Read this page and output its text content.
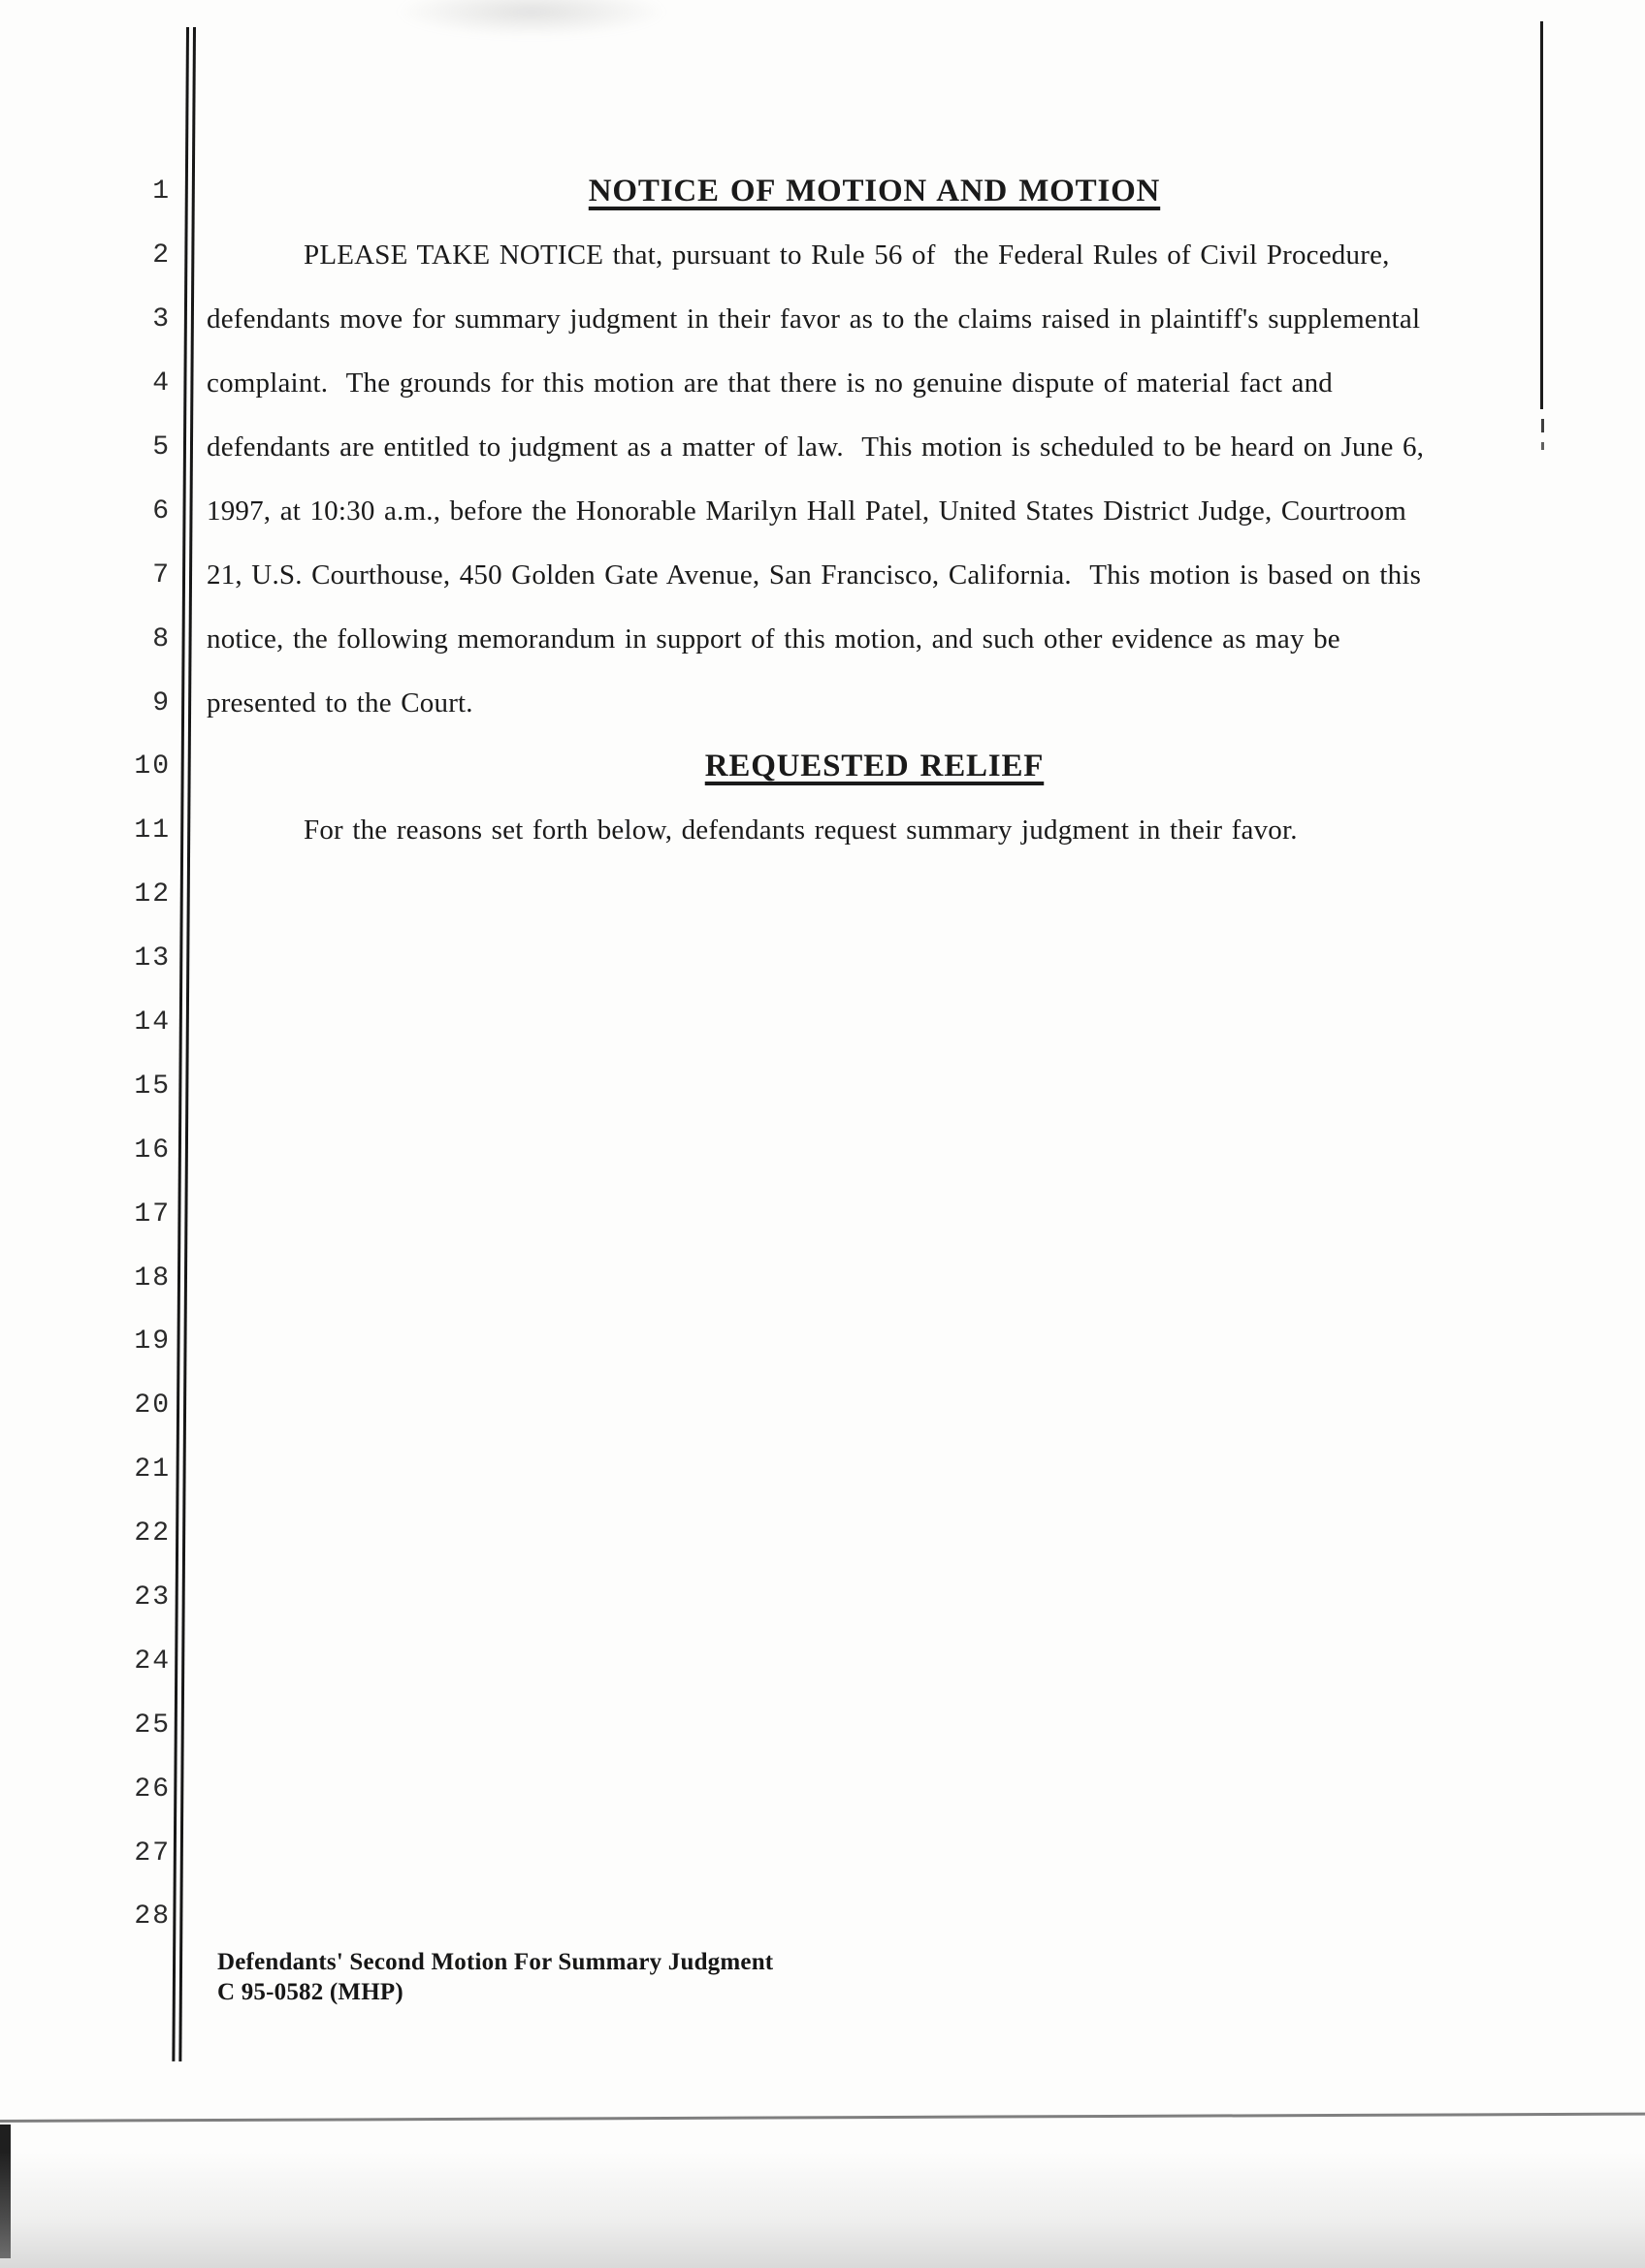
1
2
3
4
5
6
7
8
9
10
11
12
13
14
15
16
17
18
19
20
21
22
23
24
25
26
27
28
NOTICE OF MOTION AND MOTION
PLEASE TAKE NOTICE that, pursuant to Rule 56 of  the Federal Rules of Civil Procedure,
defendants move for summary judgment in their favor as to the claims raised in plaintiff's supplemental
complaint.  The grounds for this motion are that there is no genuine dispute of material fact and
defendants are entitled to judgment as a matter of law.  This motion is scheduled to be heard on June 6,
1997, at 10:30 a.m., before the Honorable Marilyn Hall Patel, United States District Judge, Courtroom
21, U.S. Courthouse, 450 Golden Gate Avenue, San Francisco, California.  This motion is based on this
notice, the following memorandum in support of this motion, and such other evidence as may be
presented to the Court.
REQUESTED RELIEF
For the reasons set forth below, defendants request summary judgment in their favor.
Defendants' Second Motion For Summary Judgment
C 95-0582 (MHP)
